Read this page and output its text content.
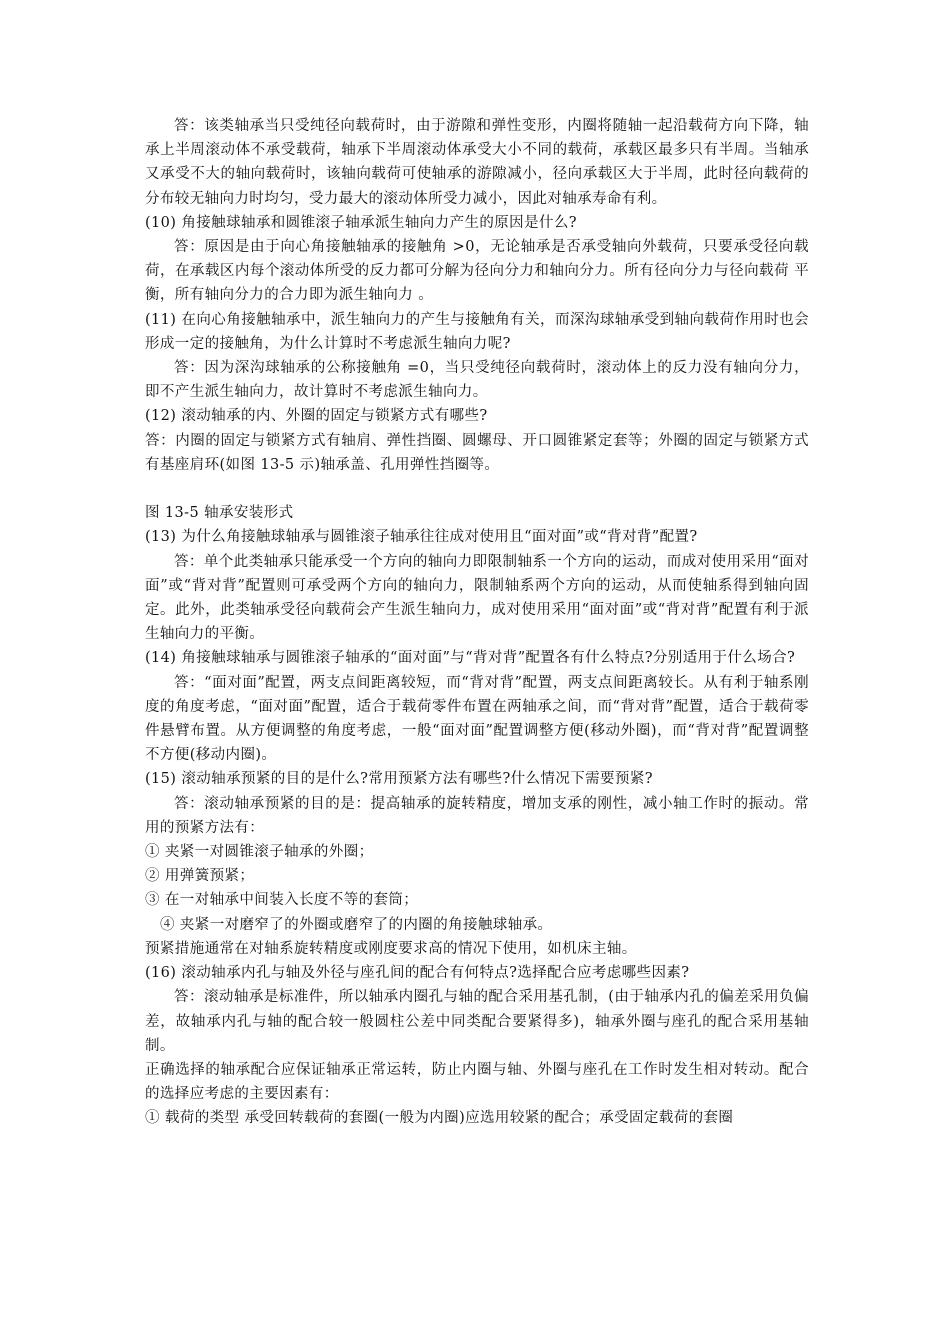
答：该类轴承当只受纯径向载荷时，由于游隙和弹性变形，内圈将随轴一起沿载荷方向下降，轴承上半周滚动体不承受载荷，轴承下半周滚动体承受大小不同的载荷，承载区最多只有半周。当轴承又承受不大的轴向载荷时，该轴向载荷可使轴承的游隙减小，径向承载区大于半周，此时径向载荷的分布较无轴向力时均匀，受力最大的滚动体所受力减小，因此对轴承寿命有利。

(10) 角接触球轴承和圆锥滚子轴承派生轴向力产生的原因是什么?

答：原因是由于向心角接触轴承的接触角 >0，无论轴承是否承受轴向外载荷，只要承受径向载荷，在承载区内每个滚动体所受的反力都可分解为径向分力和轴向分力。所有径向分力与径向载荷 平衡，所有轴向分力的合力即为派生轴向力 。

(11) 在向心角接触轴承中，派生轴向力的产生与接触角有关，而深沟球轴承受到轴向载荷作用时也会形成一定的接触角，为什么计算时不考虑派生轴向力呢?

答：因为深沟球轴承的公称接触角 =0，当只受纯径向载荷时，滚动体上的反力没有轴向分力，即不产生派生轴向力，故计算时不考虑派生轴向力。

(12) 滚动轴承的内、外圈的固定与锁紧方式有哪些?

答：内圈的固定与锁紧方式有轴肩、弹性挡圈、圆螺母、开口圆锥紧定套等；外圈的固定与锁紧方式有基座肩环(如图 13-5 示)轴承盖、孔用弹性挡圈等。

图 13-5 轴承安装形式

(13) 为什么角接触球轴承与圆锥滚子轴承往往成对使用且“面对面”或“背对背”配置?

答：单个此类轴承只能承受一个方向的轴向力即限制轴系一个方向的运动，而成对使用采用“面对面”或“背对背”配置则可承受两个方向的轴向力，限制轴系两个方向的运动，从而使轴系得到轴向固定。此外，此类轴承受径向载荷会产生派生轴向力，成对使用采用“面对面”或“背对背”配置有利于派生轴向力的平衡。

(14) 角接触球轴承与圆锥滚子轴承的“面对面”与“背对背”配置各有什么特点?分别适用于什么场合?

答：“面对面”配置，两支点间距离较短，而“背对背”配置，两支点间距离较长。从有利于轴系刚度的角度考虑，“面对面”配置，适合于载荷零件布置在两轴承之间，而“背对背”配置，适合于载荷零件悬臂布置。从方便调整的角度考虑，一般“面对面”配置调整方便(移动外圈)，而“背对背”配置调整不方便(移动内圈)。

(15) 滚动轴承预紧的目的是什么?常用预紧方法有哪些?什么情况下需要预紧?

答：滚动轴承预紧的目的是：提高轴承的旋转精度，增加支承的刚性，减小轴工作时的振动。常用的预紧方法有：

① 夹紧一对圆锥滚子轴承的外圈；

② 用弹簧预紧；

③ 在一对轴承中间装入长度不等的套筒；

④ 夹紧一对磨窄了的外圈或磨窄了的内圈的角接触球轴承。

预紧措施通常在对轴系旋转精度或刚度要求高的情况下使用，如机床主轴。

(16) 滚动轴承内孔与轴及外径与座孔间的配合有何特点?选择配合应考虑哪些因素?

答：滚动轴承是标准件，所以轴承内圈孔与轴的配合采用基孔制，(由于轴承内孔的偏差采用负偏差，故轴承内孔与轴的配合较一般圆柱公差中同类配合要紧得多)，轴承外圈与座孔的配合采用基轴制。

正确选择的轴承配合应保证轴承正常运转，防止内圈与轴、外圈与座孔在工作时发生相对转动。配合的选择应考虑的主要因素有：

① 载荷的类型 承受回转载荷的套圈(一般为内圈)应选用较紧的配合；承受固定载荷的套圈
